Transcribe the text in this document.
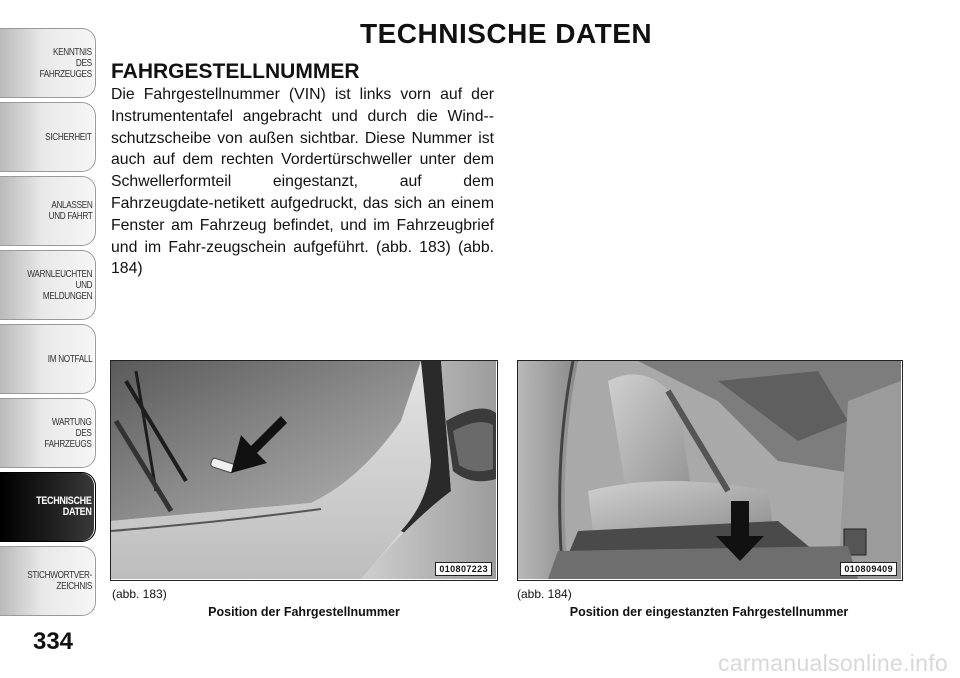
KENNTNIS
DES
FAHRZEUGES
SICHERHEIT
ANLASSEN
UND FAHRT
WARNLEUCHTEN
UND
MELDUNGEN
IM NOTFALL
WARTUNG
DES
FAHRZEUGS
TECHNISCHE
DATEN
STICHWORTVER-
ZEICHNIS
334
TECHNISCHE DATEN
FAHRGESTELLNUMMER

Die Fahrgestellnummer (VIN) ist links vorn auf der Instrumententafel angebracht und durch die Wind-schutzscheibe von außen sichtbar. Diese Nummer ist auch auf dem rechten Vordertürschweller unter dem Schwellerformteil eingestanzt, auf dem Fahrzeugdate-netikett aufgedruckt, das sich an einem Fenster am Fahrzeug befindet, und im Fahrzeugbrief und im Fahr-zeugschein aufgeführt. (abb. 183) (abb. 184)

010807223
(abb. 183)
Position der Fahrgestellnummer
010809409
(abb. 184)
Position der eingestanzten Fahrgestellnummer
carmanualsonline.info
